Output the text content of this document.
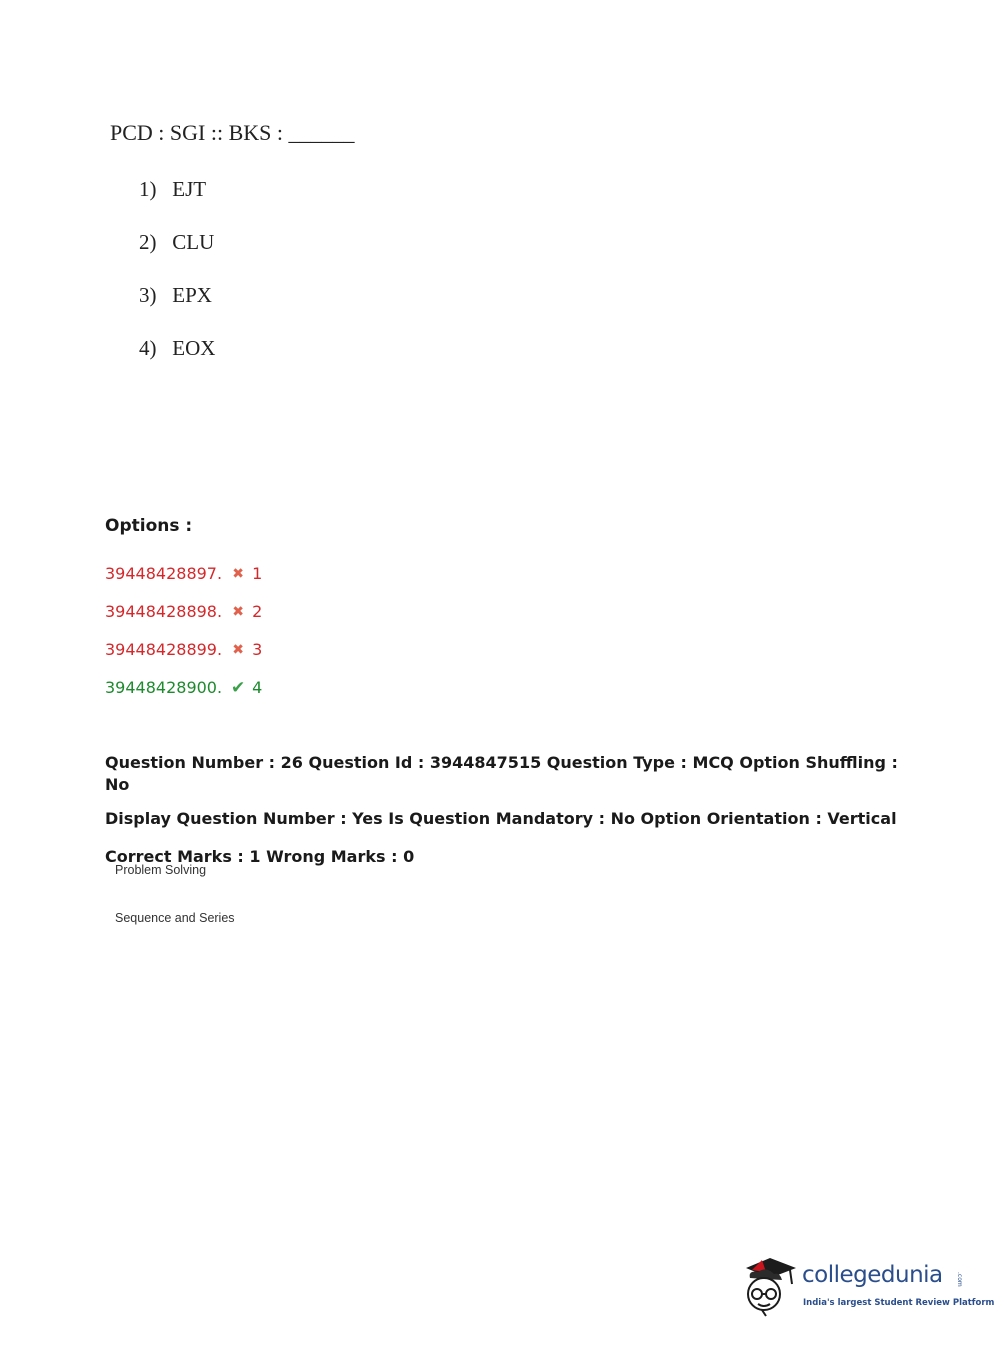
PCD : SGI :: BKS : ______
1) EJT
2) CLU
3) EPX
4) EOX
Options :
39448428897. ✖ 1
39448428898. ✖ 2
39448428899. ✖ 3
39448428900. ✔ 4
Question Number : 26 Question Id : 3944847515 Question Type : MCQ Option Shuffling : No
Display Question Number : Yes Is Question Mandatory : No Option Orientation : Vertical
Correct Marks : 1 Wrong Marks : 0
Problem Solving
Sequence and Series
collegedunia .com
India's largest Student Review Platform
